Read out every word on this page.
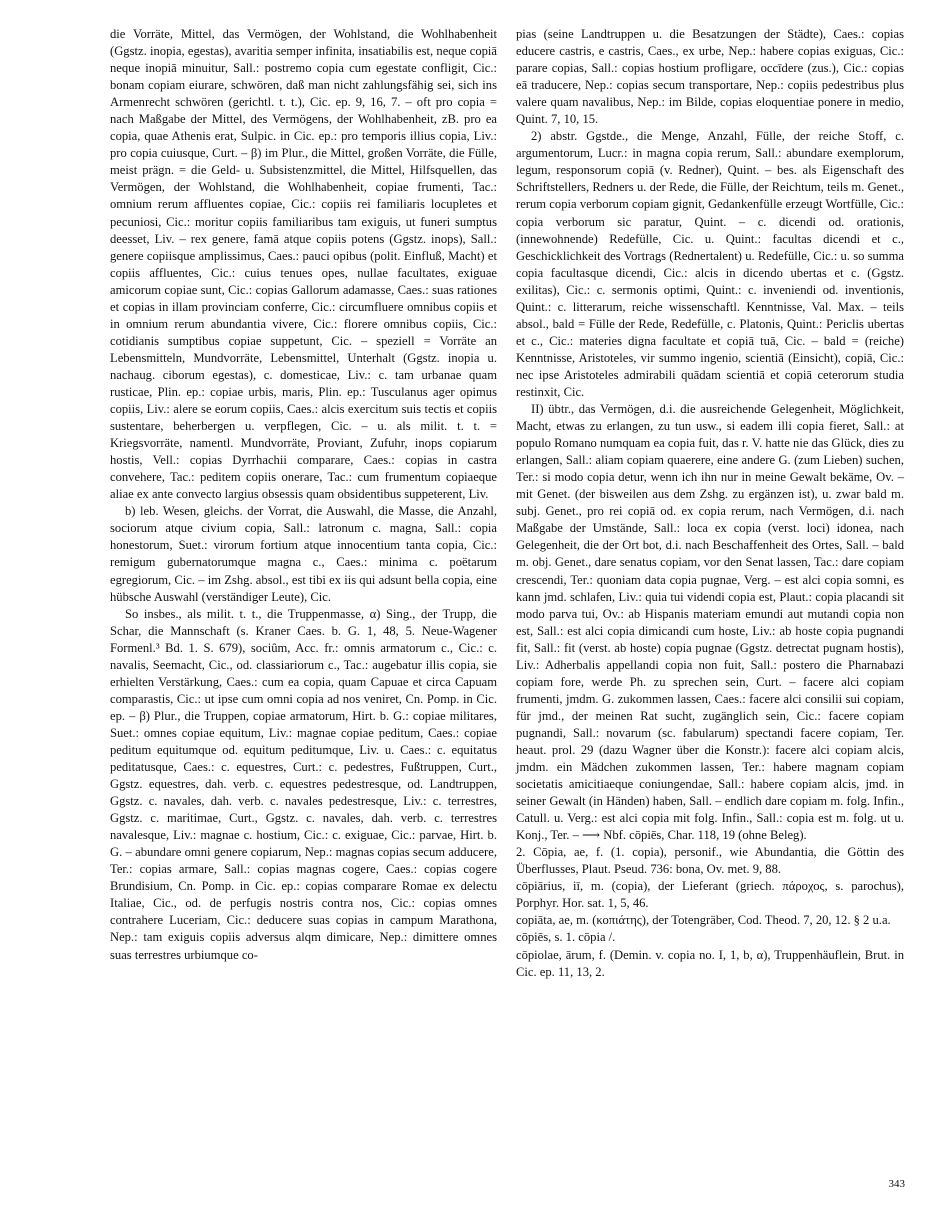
die Vorräte, Mittel, das Vermögen, der Wohlstand, die Wohlhabenheit (Ggstz. inopia, egestas), avaritia semper infinita, insatiabilis est, neque copiā neque inopiā minuitur, Sall.: postremo copia cum egestate confligit, Cic.: bonam copiam eiurare, schwören, daß man nicht zahlungsfähig sei, sich ins Armenrecht schwören (gerichtl. t. t.), Cic. ep. 9, 16, 7. – oft pro copia = nach Maßgabe der Mittel, des Vermögens, der Wohlhabenheit, zB. pro ea copia, quae Athenis erat, Sulpic. in Cic. ep.: pro temporis illius copia, Liv.: pro copia cuiusque, Curt. – β) im Plur., die Mittel, großen Vorräte, die Fülle, meist prägn. = die Geld- u. Subsistenzmittel, die Mittel, Hilfsquellen, das Vermögen, der Wohlstand, die Wohlhabenheit, copiae frumenti, Tac.: omnium rerum affluentes copiae, Cic.: copiis rei familiaris locupletes et pecuniosi, Cic.: moritur copiis familiaribus tam exiguis, ut funeri sumptus deesset, Liv. – rex genere, famā atque copiis potens (Ggstz. inops), Sall.: genere copiisque amplissimus, Caes.: pauci opibus (polit. Einfluß, Macht) et copiis affluentes, Cic.: cuius tenues opes, nullae facultates, exiguae amicorum copiae sunt, Cic.: copias Gallorum adamasse, Caes.: suas rationes et copias in illam provinciam conferre, Cic.: circumfluere omnibus copiis et in omnium rerum abundantia vivere, Cic.: florere omnibus copiis, Cic.: cotidianis sumptibus copiae suppetunt, Cic. – speziell = Vorräte an Lebensmitteln, Mundvorräte, Lebensmittel, Unterhalt (Ggstz. inopia u. nachaug. ciborum egestas), c. domesticae, Liv.: c. tam urbanae quam rusticae, Plin. ep.: copiae urbis, maris, Plin. ep.: Tusculanus ager opimus copiis, Liv.: alere se eorum copiis, Caes.: alcis exercitum suis tectis et copiis sustentare, beherbergen u. verpflegen, Cic. – u. als milit. t. t. = Kriegsvorräte, namentl. Mundvorräte, Proviant, Zufuhr, inops copiarum hostis, Vell.: copias Dyrrhachii comparare, Caes.: copias in castra convehere, Tac.: peditem copiis onerare, Tac.: cum frumentum copiaeque aliae ex ante convecto largius obsessis quam obsidentibus suppeterent, Liv.

b) leb. Wesen, gleichs. der Vorrat, die Auswahl, die Masse, die Anzahl, sociorum atque civium copia, Sall.: latronum c. magna, Sall.: copia honestorum, Suet.: virorum fortium atque innocentium tanta copia, Cic.: remigum gubernatorumque magna c., Caes.: minima c. poëtarum egregiorum, Cic. – im Zshg. absol., est tibi ex iis qui adsunt bella copia, eine hübsche Auswahl (verständiger Leute), Cic.

So insbes., als milit. t. t., die Truppenmasse, α) Sing., der Trupp, die Schar, die Mannschaft (s. Kraner Caes. b. G. 1, 48, 5. Neue-Wagener Formenl.³ Bd. 1. S. 679), sociûm, Acc. fr.: omnis armatorum c., Cic.: c. navalis, Seemacht, Cic., od. classiariorum c., Tac.: augebatur illis copia, sie erhielten Verstärkung, Caes.: cum ea copia, quam Capuae et circa Capuam comparastis, Cic.: ut ipse cum omni copia ad nos veniret, Cn. Pomp. in Cic. ep. – β) Plur., die Truppen, copiae armatorum, Hirt. b. G.: copiae militares, Suet.: omnes copiae equitum, Liv.: magnae copiae peditum, Caes.: copiae peditum equitumque od. equitum peditumque, Liv. u. Caes.: c. equitatus peditatusque, Caes.: c. equestres, Curt.: c. pedestres, Fußtruppen, Curt., Ggstz. equestres, dah. verb. c. equestres pedestresque, od. Landtruppen, Ggstz. c. navales, dah. verb. c. navales pedestresque, Liv.: c. terrestres, Ggstz. c. maritimae, Curt., Ggstz. c. navales, dah. verb. c. terrestres navalesque, Liv.: magnae c. hostium, Cic.: c. exiguae, Cic.: parvae, Hirt. b. G. – abundare omni genere copiarum, Nep.: magnas copias secum adducere, Ter.: copias armare, Sall.: copias magnas cogere, Caes.: copias cogere Brundisium, Cn. Pomp. in Cic. ep.: copias comparare Romae ex delectu Italiae, Cic., od. de perfugis nostris contra nos, Cic.: copias omnes contrahere Luceriam, Cic.: deducere suas copias in campum Marathona, Nep.: tam exiguis copiis adversus alqm dimicare, Nep.: dimittere omnes suas terrestres urbiumque co-

pias (seine Landtruppen u. die Besatzungen der Städte), Caes.: copias educere castris, e castris, Caes., ex urbe, Nep.: habere copias exiguas, Cic.: parare copias, Sall.: copias hostium profligare, occīdere (zus.), Cic.: copias eā traducere, Nep.: copias secum transportare, Nep.: copiis pedestribus plus valere quam navalibus, Nep.: im Bilde, copias eloquentiae ponere in medio, Quint. 7, 10, 15.

2) abstr. Ggstde., die Menge, Anzahl, Fülle, der reiche Stoff, c. argumentorum, Lucr.: in magna copia rerum, Sall.: abundare exemplorum, legum, responsorum copiā (v. Redner), Quint. – bes. als Eigenschaft des Schriftstellers, Redners u. der Rede, die Fülle, der Reichtum, teils m. Genet., rerum copia verborum copiam gignit, Gedankenfülle erzeugt Wortfülle, Cic.: copia verborum sic paratur, Quint. – c. dicendi od. orationis, (innewohnende) Redefülle, Cic. u. Quint.: facultas dicendi et c., Geschicklichkeit des Vortrags (Rednertalent) u. Redefülle, Cic.: u. so summa copia facultasque dicendi, Cic.: alcis in dicendo ubertas et c. (Ggstz. exilitas), Cic.: c. sermonis optimi, Quint.: c. inveniendi od. inventionis, Quint.: c. litterarum, reiche wissenschaftl. Kenntnisse, Val. Max. – teils absol., bald = Fülle der Rede, Redefülle, c. Platonis, Quint.: Periclis ubertas et c., Cic.: materies digna facultate et copiā tuā, Cic. – bald = (reiche) Kenntnisse, Aristoteles, vir summo ingenio, scientiā (Einsicht), copiā, Cic.: nec ipse Aristoteles admirabili quādam scientiā et copiā ceterorum studia restinxit, Cic.

II) übtr., das Vermögen, d.i. die ausreichende Gelegenheit, Möglichkeit, Macht, etwas zu erlangen, zu tun usw., si eadem illi copia fieret, Sall.: at populo Romano numquam ea copia fuit, das r. V. hatte nie das Glück, dies zu erlangen, Sall.: aliam copiam quaerere, eine andere G. (zum Lieben) suchen, Ter.: si modo copia detur, wenn ich ihn nur in meine Gewalt bekäme, Ov. – mit Genet. (der bisweilen aus dem Zshg. zu ergänzen ist), u. zwar bald m. subj. Genet., pro rei copiā od. ex copia rerum, nach Vermögen, d.i. nach Maßgabe der Umstände, Sall.: loca ex copia (verst. loci) idonea, nach Gelegenheit, die der Ort bot, d.i. nach Beschaffenheit des Ortes, Sall. – bald m. obj. Genet., dare senatus copiam, vor den Senat lassen, Tac.: dare copiam crescendi, Ter.: quoniam data copia pugnae, Verg. – est alci copia somni, es kann jmd. schlafen, Liv.: quia tui videndi copia est, Plaut.: copia placandi sit modo parva tui, Ov.: ab Hispanis materiam emundi aut mutandi copia non est, Sall.: est alci copia dimicandi cum hoste, Liv.: ab hoste copia pugnandi fit, Sall.: fit (verst. ab hoste) copia pugnae (Ggstz. detrectat pugnam hostis), Liv.: Adherbalis appellandi copia non fuit, Sall.: postero die Pharnabazi copiam fore, werde Ph. zu sprechen sein, Curt. – facere alci copiam frumenti, jmdm. G. zukommen lassen, Caes.: facere alci consilii sui copiam, für jmd., der meinen Rat sucht, zugänglich sein, Cic.: facere copiam pugnandi, Sall.: novarum (sc. fabularum) spectandi facere copiam, Ter. heaut. prol. 29 (dazu Wagner über die Konstr.): facere alci copiam alcis, jmdm. ein Mädchen zukommen lassen, Ter.: habere magnam copiam societatis amicitiaeque coniungendae, Sall.: habere copiam alcis, jmd. in seiner Gewalt (in Händen) haben, Sall. – endlich dare copiam m. folg. Infin., Catull. u. Verg.: est alci copia mit folg. Infin., Sall.: copia est m. folg. ut u. Konj., Ter. – ⟶ Nbf. cōpiēs, Char. 118, 19 (ohne Beleg).

2. Cōpia, ae, f. (1. copia), personif., wie Abundantia, die Göttin des Überflusses, Plaut. Pseud. 736: bona, Ov. met. 9, 88.

cōpiārius, iī, m. (copia), der Lieferant (griech. πάροχος, s. parochus), Porphyr. Hor. sat. 1, 5, 46.

copiāta, ae, m. (κοπιάτης), der Totengräber, Cod. Theod. 7, 20, 12. § 2 u.a.

cōpiēs, s. 1. cōpia /.

cōpiolae, ārum, f. (Demin. v. copia no. I, 1, b, α), Truppenhäuflein, Brut. in Cic. ep. 11, 13, 2.

343
